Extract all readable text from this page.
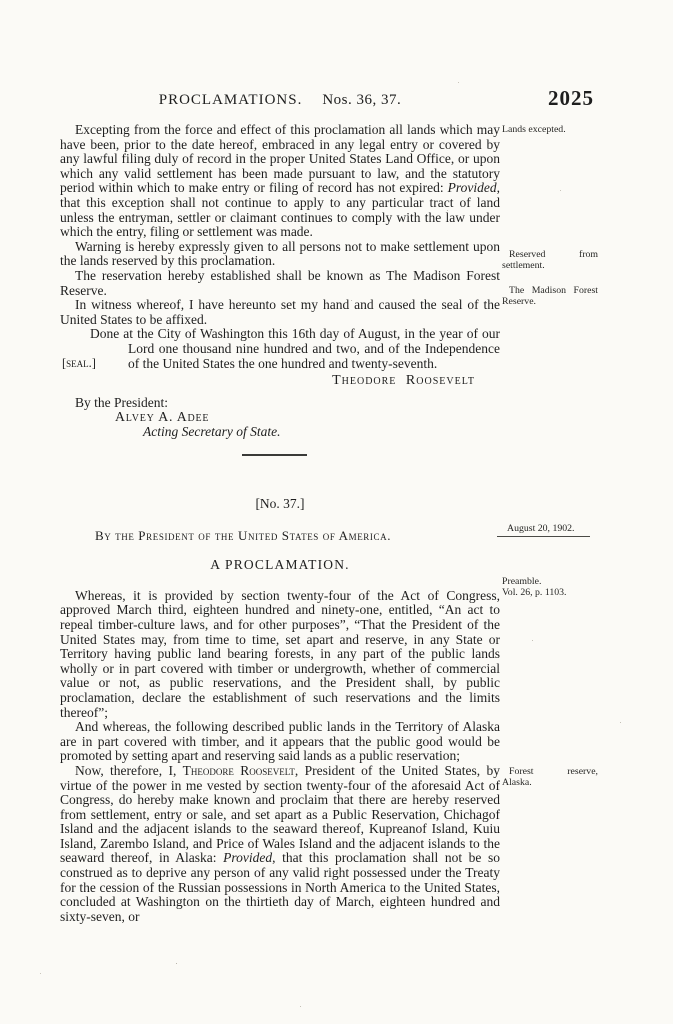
PROCLAMATIONS. Nos. 36, 37.	2025

Excepting from the force and effect of this proclamation all lands which may have been, prior to the date hereof, embraced in any legal entry or covered by any lawful filing duly of record in the proper United States Land Office, or upon which any valid settlement has been made pursuant to law, and the statutory period within which to make entry or filing of record has not expired: Provided, that this exception shall not continue to apply to any particular tract of land unless the entryman, settler or claimant continues to comply with the law under which the entry, filing or settlement was made.

Warning is hereby expressly given to all persons not to make settlement upon the lands reserved by this proclamation.

The reservation hereby established shall be known as The Madison Forest Reserve.

In witness whereof, I have hereunto set my hand and caused the seal of the United States to be affixed.

[seal.]
Done at the City of Washington this 16th day of August, in the year of our Lord one thousand nine hundred and two, and of the Independence of the United States the one hundred and twenty-seventh.
Theodore Roosevelt
By the President:
Alvey A. Adee
Acting Secretary of State.

[No. 37.]

By the President of the United States of America.

A PROCLAMATION.

Whereas, it is provided by section twenty-four of the Act of Congress, approved March third, eighteen hundred and ninety-one, entitled, “An act to repeal timber-culture laws, and for other purposes”, “That the President of the United States may, from time to time, set apart and reserve, in any State or Territory having public land bearing forests, in any part of the public lands wholly or in part covered with timber or undergrowth, whether of commercial value or not, as public reservations, and the President shall, by public proclamation, declare the establishment of such reservations and the limits thereof”;

And whereas, the following described public lands in the Territory of Alaska are in part covered with timber, and it appears that the public good would be promoted by setting apart and reserving said lands as a public reservation;

Now, therefore, I, Theodore Roosevelt, President of the United States, by virtue of the power in me vested by section twenty-four of the aforesaid Act of Congress, do hereby make known and proclaim that there are hereby reserved from settlement, entry or sale, and set apart as a Public Reservation, Chichagof Island and the adjacent islands to the seaward thereof, Kupreanof Island, Kuiu Island, Zarembo Island, and Price of Wales Island and the adjacent islands to the seaward thereof, in Alaska: Provided, that this proclamation shall not be so construed as to deprive any person of any valid right possessed under the Treaty for the cession of the Russian possessions in North America to the United States, concluded at Washington on the thirtieth day of March, eighteen hundred and sixty-seven, or

Lands excepted.
Reserved from settlement.
The Madison Forest Reserve.
August 20, 1902.
Preamble.
Vol. 26, p. 1103.
Forest reserve, Alaska.
